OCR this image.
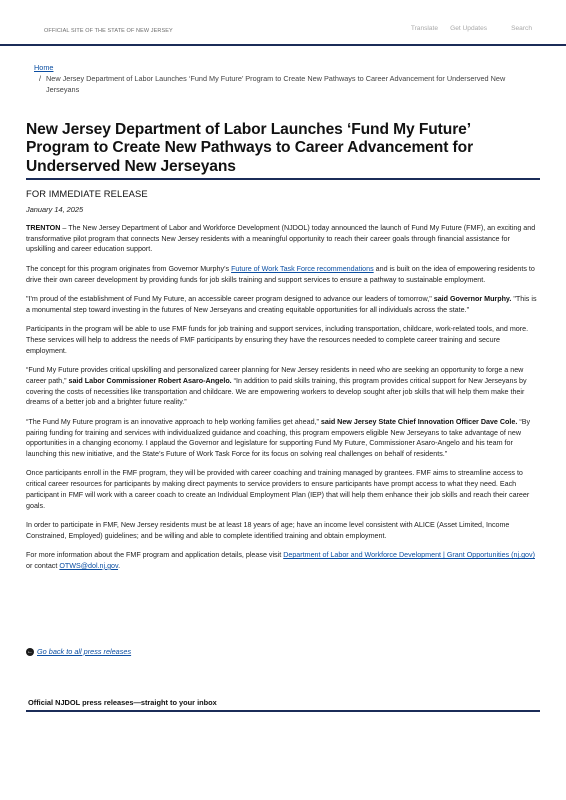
OFFICIAL SITE OF THE STATE OF NEW JERSEY	Translate Get Updates	Search
Home
/ New Jersey Department of Labor Launches ‘Fund My Future’ Program to Create New Pathways to Career Advancement for Underserved New Jerseyans
New Jersey Department of Labor Launches ‘Fund My Future’ Program to Create New Pathways to Career Advancement for Underserved New Jerseyans
FOR IMMEDIATE RELEASE
January 14, 2025

TRENTON – The New Jersey Department of Labor and Workforce Development (NJDOL) today announced the launch of Fund My Future (FMF), an exciting and transformative pilot program that connects New Jersey residents with a meaningful opportunity to reach their career goals through financial assistance for upskilling and career education support.

The concept for this program originates from Governor Murphy’s Future of Work Task Force recommendations and is built on the idea of empowering residents to drive their own career development by providing funds for job skills training and support services to ensure a pathway to sustainable employment.

"I'm proud of the establishment of Fund My Future, an accessible career program designed to advance our leaders of tomorrow," said Governor Murphy. "This is a monumental step toward investing in the futures of New Jerseyans and creating equitable opportunities for all individuals across the state."

Participants in the program will be able to use FMF funds for job training and support services, including transportation, childcare, work-related tools, and more. These services will help to address the needs of FMF participants by ensuring they have the resources needed to complete career training and secure employment.

“Fund My Future provides critical upskilling and personalized career planning for New Jersey residents in need who are seeking an opportunity to forge a new career path,” said Labor Commissioner Robert Asaro-Angelo. “In addition to paid skills training, this program provides critical support for New Jerseyans by covering the costs of necessities like transportation and childcare. We are empowering workers to develop sought after job skills that will help them make their dreams of a better job and a brighter future reality.”

“The Fund My Future program is an innovative approach to help working families get ahead,” said New Jersey State Chief Innovation Officer Dave Cole. “By pairing funding for training and services with individualized guidance and coaching, this program empowers eligible New Jerseyans to take advantage of new opportunities in a changing economy. I applaud the Governor and legislature for supporting Fund My Future, Commissioner Asaro-Angelo and his team for launching this new initiative, and the State’s Future of Work Task Force for its focus on solving real challenges on behalf of residents.”

Once participants enroll in the FMF program, they will be provided with career coaching and training managed by grantees. FMF aims to streamline access to critical career resources for participants by making direct payments to service providers to ensure participants have prompt access to what they need. Each participant in FMF will work with a career coach to create an Individual Employment Plan (IEP) that will help them enhance their job skills and reach their career goals.

In order to participate in FMF, New Jersey residents must be at least 18 years of age; have an income level consistent with ALICE (Asset Limited, Income Constrained, Employed) guidelines; and be willing and able to complete identified training and obtain employment.

For more information about the FMF program and application details, please visit Department of Labor and Workforce Development | Grant Opportunities (nj.gov) or contact OTWS@dol.nj.gov.

← Go back to all press releases
Official NJDOL press releases—straight to your inbox
